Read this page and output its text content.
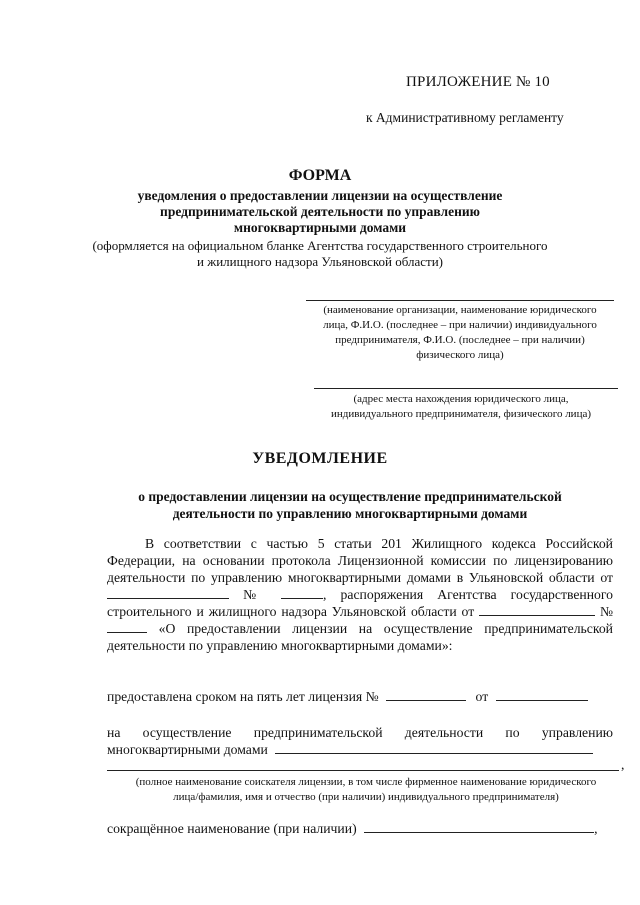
ПРИЛОЖЕНИЕ № 10
к Административному регламенту
ФОРМА
уведомления о предоставлении лицензии на осуществление
предпринимательской деятельности по управлению
многоквартирными домами
(оформляется на официальном бланке Агентства государственного строительного
и жилищного надзора Ульяновской области)
(наименование организации, наименование юридического
лица, Ф.И.О. (последнее – при наличии) индивидуального
предпринимателя, Ф.И.О. (последнее – при наличии)
физического лица)
(адрес места нахождения юридического лица,
индивидуального предпринимателя, физического лица)
УВЕДОМЛЕНИЕ
о предоставлении лицензии на осуществление предпринимательской
деятельности по управлению многоквартирными домами
В соответствии с частью 5 статьи 201 Жилищного кодекса Российской Федерации, на основании протокола Лицензионной комиссии по лицензированию деятельности по управлению многоквартирными домами в Ульяновской области от  №	, распоряжения Агентства государственного строительного и жилищного надзора Ульяновской области от	№  «О предоставлении лицензии на осуществление предпринимательской деятельности по управлению многоквартирными домами»:
предоставлена сроком на пять лет лицензия №	от
на осуществление предпринимательской деятельности по управлению
многоквартирными домами
,
(полное наименование соискателя лицензии, в том числе фирменное наименование юридического
лица/фамилия, имя и отчество (при наличии) индивидуального предпринимателя)
сокращённое наименование (при наличии)	,
